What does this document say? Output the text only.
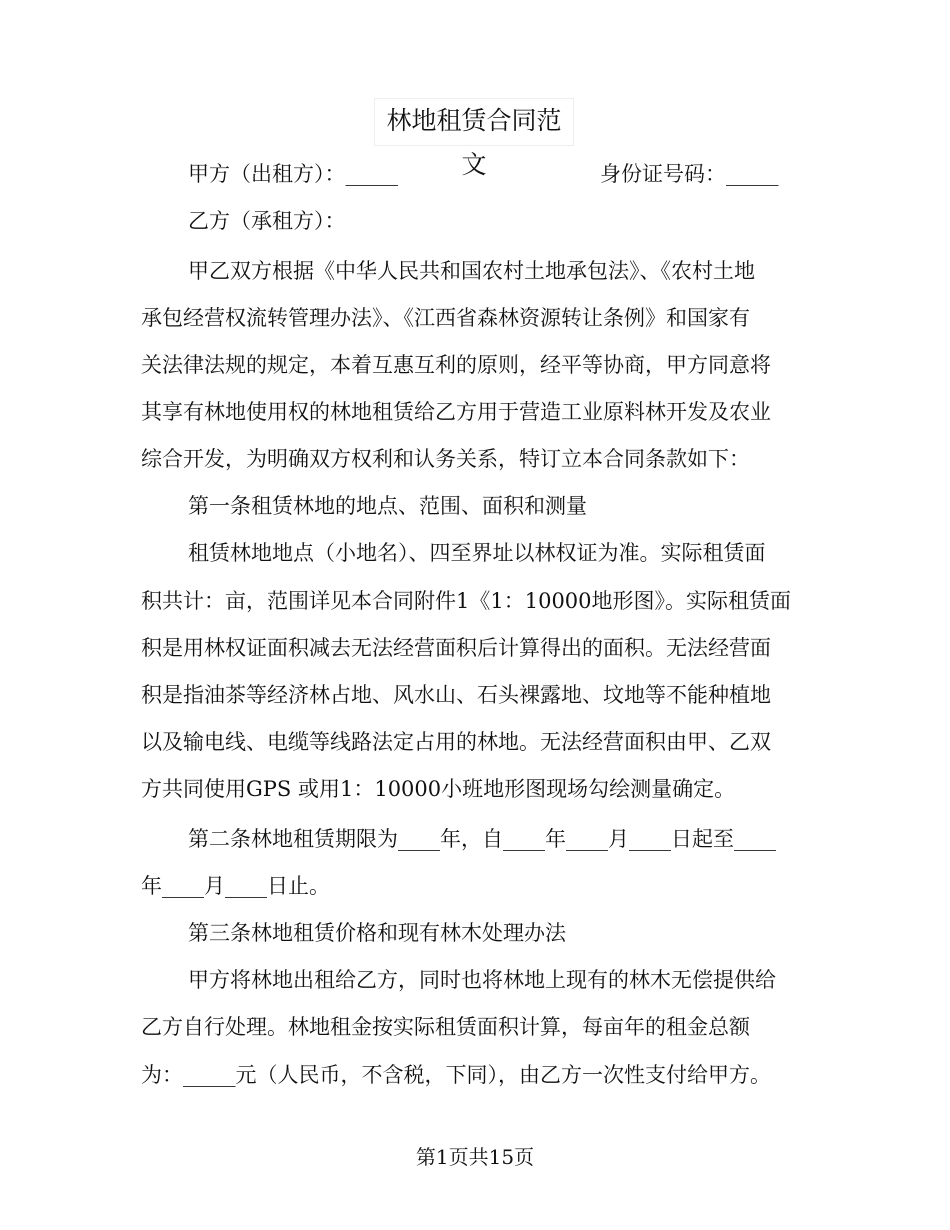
林地租赁合同范文
甲方（出租方）：_____	身份证号码：_____
乙方（承租方）：
甲乙双方根据《中华人民共和国农村土地承包法》、《农村土地
承包经营权流转管理办法》、《江西省森林资源转让条例》和国家有
关法律法规的规定，本着互惠互利的原则，经平等协商，甲方同意将
其享有林地使用权的林地租赁给乙方用于营造工业原料林开发及农业
综合开发，为明确双方权利和认务关系，特订立本合同条款如下：
第一条租赁林地的地点、范围、面积和测量
租赁林地地点（小地名）、四至界址以林权证为准。实际租赁面
积共计：亩，范围详见本合同附件1《1：10000地形图》。实际租赁面
积是用林权证面积减去无法经营面积后计算得出的面积。无法经营面
积是指油茶等经济林占地、风水山、石头裸露地、坟地等不能种植地
以及输电线、电缆等线路法定占用的林地。无法经营面积由甲、乙双
方共同使用GPS 或用1：10000小班地形图现场勾绘测量确定。
第二条林地租赁期限为____年，自____年____月____日起至____
年____月____日止。
第三条林地租赁价格和现有林木处理办法
甲方将林地出租给乙方，同时也将林地上现有的林木无偿提供给
乙方自行处理。林地租金按实际租赁面积计算，每亩年的租金总额
为：_____元（人民币，不含税，下同），由乙方一次性支付给甲方。
第1页共15页
